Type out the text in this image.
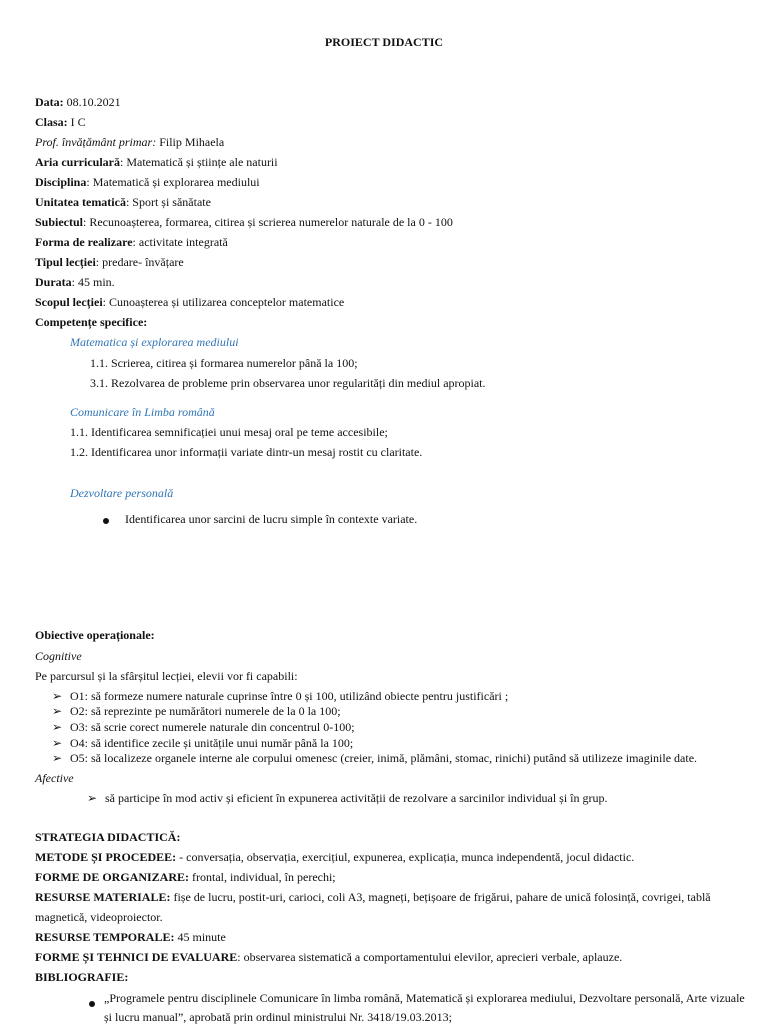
PROIECT DIDACTIC
Data: 08.10.2021
Clasa: I C
Prof. învățământ primar: Filip Mihaela
Aria curriculară: Matematică și științe ale naturii
Disciplina: Matematică și explorarea mediului
Unitatea tematică: Sport și sănătate
Subiectul: Recunoașterea, formarea, citirea și scrierea numerelor naturale de la 0 - 100
Forma de realizare: activitate integrată
Tipul lecției: predare- învățare
Durata: 45 min.
Scopul lecției: Cunoașterea și utilizarea conceptelor matematice
Competențe specifice:
Matematica și explorarea mediului
1.1. Scrierea, citirea și formarea numerelor până la 100;
3.1. Rezolvarea de probleme prin observarea unor regularități din mediul apropiat.
Comunicare în Limba română
1.1. Identificarea semnificației unui mesaj oral pe teme accesibile;
1.2. Identificarea unor informații variate dintr-un mesaj rostit cu claritate.
Dezvoltare personală
Identificarea unor sarcini de lucru simple în contexte variate.
Obiective operaționale:
Cognitive
Pe parcursul și la sfârșitul lecției, elevii vor fi capabili:
➢ O1: să formeze numere naturale cuprinse între 0 și 100, utilizând obiecte pentru justificări ;
➢ O2: să reprezinte pe numărători numerele de la 0 la 100;
➢ O3: să scrie corect numerele naturale din concentrul 0-100;
➢ O4: să identifice zecile și unitățile unui număr până la 100;
➢ O5: să localizeze organele interne ale corpului omenesc (creier, inimă, plămâni, stomac, rinichi) putând să utilizeze imaginile date.
Afective
➢ să participe în mod activ și eficient în expunerea activității de rezolvare a sarcinilor individual și în grup.
STRATEGIA DIDACTICĂ:
METODE ȘI PROCEDEE: - conversația, observația, exercițiul, expunerea, explicația, munca independentă, jocul didactic.
FORME DE ORGANIZARE: frontal, individual, în perechi;
RESURSE MATERIALE: fișe de lucru, postit-uri, carioci, coli A3, magneți, bețișoare de frigărui, pahare de unică folosință, covrigei, tablă
magnetică, videoproiector.
RESURSE TEMPORALE: 45 minute
FORME ȘI TEHNICI DE EVALUARE: observarea sistematică a comportamentului elevilor, aprecieri verbale, aplauze.
BIBLIOGRAFIE:
„Programele pentru disciplinele Comunicare în limba română, Matematică și explorarea mediului, Dezvoltare personală, Arte vizuale
și lucru manual”, aprobată prin ordinul ministrului Nr. 3418/19.03.2013;
